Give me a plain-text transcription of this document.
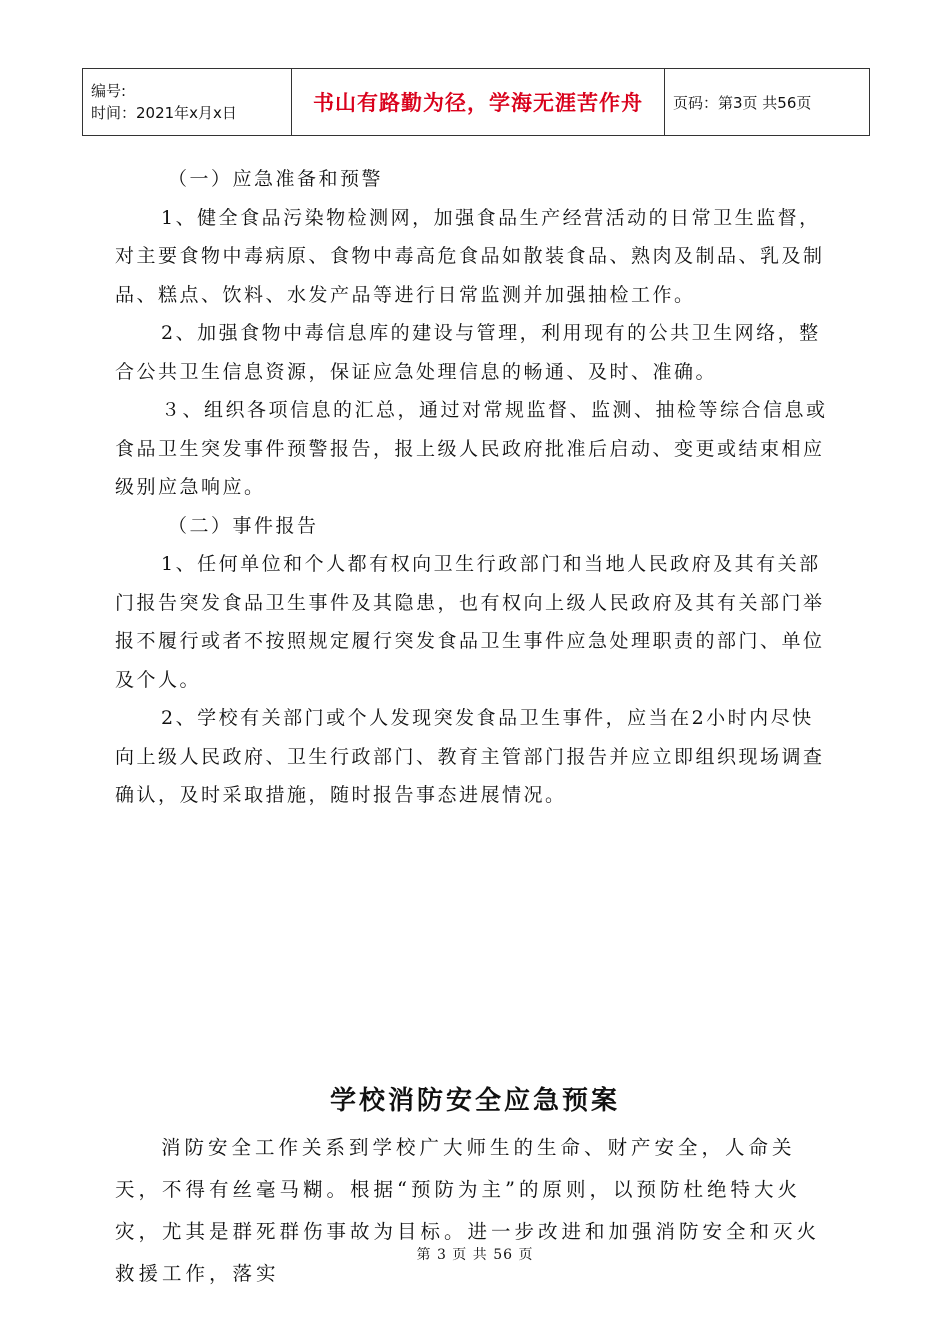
编号:
时间：2021年x月x日	书山有路勤为径，学海无涯苦作舟	页码：第3页 共56页

（一）应急准备和预警

1、健全食品污染物检测网，加强食品生产经营活动的日常卫生监督，对主要食物中毒病原、食物中毒高危食品如散装食品、熟肉及制品、乳及制品、糕点、饮料、水发产品等进行日常监测并加强抽检工作。

2、加强食物中毒信息库的建设与管理，利用现有的公共卫生网络，整合公共卫生信息资源，保证应急处理信息的畅通、及时、准确。

３、组织各项信息的汇总，通过对常规监督、监测、抽检等综合信息或食品卫生突发事件预警报告，报上级人民政府批准后启动、变更或结束相应级别应急响应。

（二）事件报告

1、任何单位和个人都有权向卫生行政部门和当地人民政府及其有关部门报告突发食品卫生事件及其隐患，也有权向上级人民政府及其有关部门举报不履行或者不按照规定履行突发食品卫生事件应急处理职责的部门、单位及个人。

2、学校有关部门或个人发现突发食品卫生事件，应当在2小时内尽快向上级人民政府、卫生行政部门、教育主管部门报告并应立即组织现场调查确认，及时采取措施，随时报告事态进展情况。

学校消防安全应急预案

消防安全工作关系到学校广大师生的生命、财产安全，人命关天，不得有丝毫马糊。根据“预防为主”的原则，以预防杜绝特大火灾，尤其是群死群伤事故为目标。进一步改进和加强消防安全和灭火救援工作，落实

第 3 页 共 56 页
